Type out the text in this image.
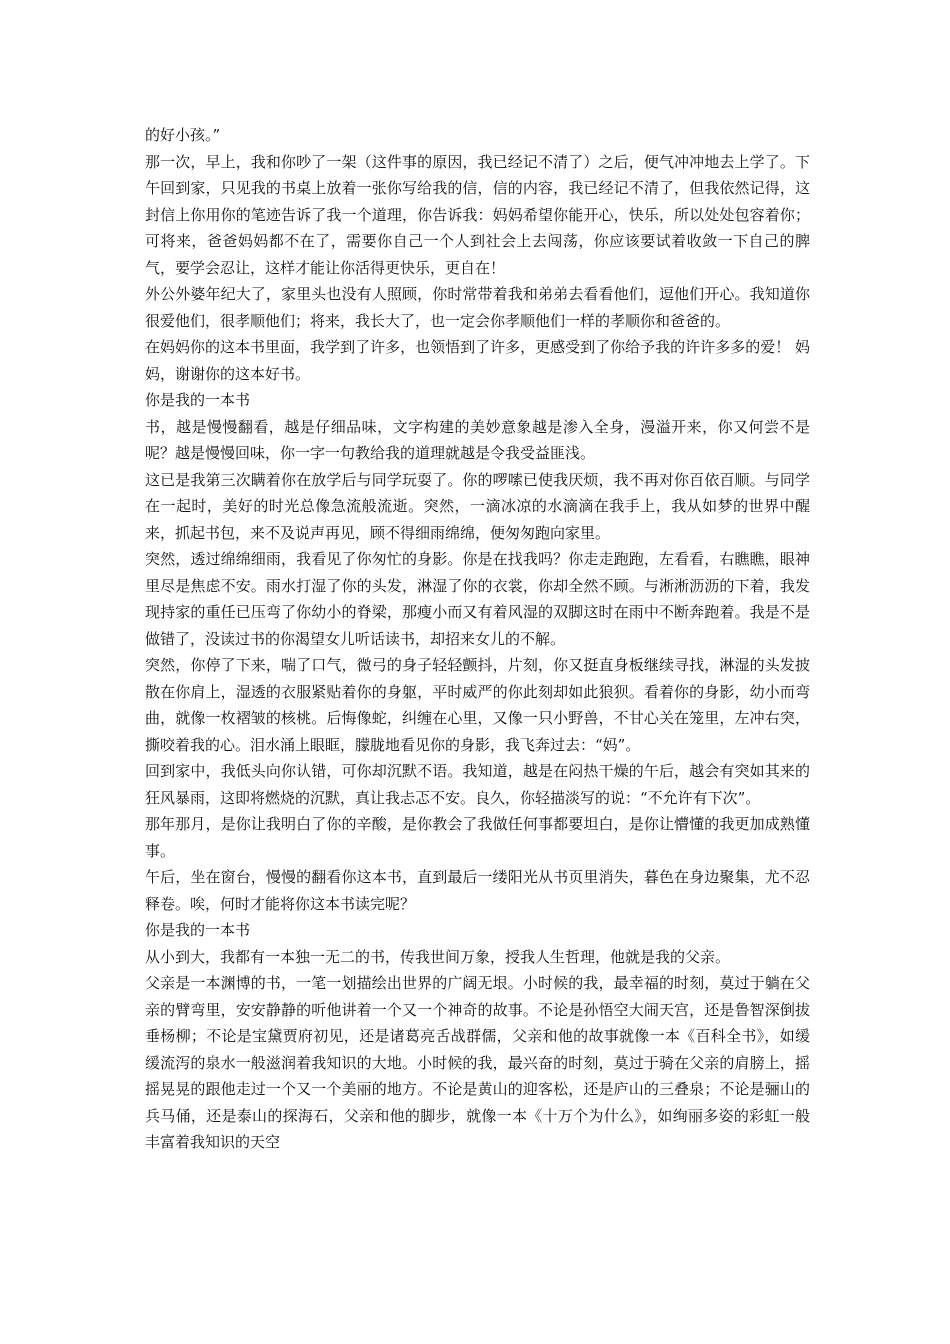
的好小孩。”

那一次，早上，我和你吵了一架（这件事的原因，我已经记不清了）之后，便气冲冲地去上学了。下午回到家，只见我的书桌上放着一张你写给我的信，信的内容，我已经记不清了，但我依然记得，这封信上你用你的笔迹告诉了我一个道理，你告诉我：妈妈希望你能开心，快乐，所以处处包容着你；可将来，爸爸妈妈都不在了，需要你自己一个人到社会上去闯荡，你应该要试着收敛一下自己的脾气，要学会忍让，这样才能让你活得更快乐，更自在！

外公外婆年纪大了，家里头也没有人照顾，你时常带着我和弟弟去看看他们，逗他们开心。我知道你很爱他们，很孝顺他们；将来，我长大了，也一定会你孝顺他们一样的孝顺你和爸爸的。

在妈妈你的这本书里面，我学到了许多，也领悟到了许多，更感受到了你给予我的许许多多的爱！ 妈妈，谢谢你的这本好书。

你是我的一本书

书，越是慢慢翻看，越是仔细品味，文字构建的美妙意象越是渗入全身，漫溢开来，你又何尝不是呢？越是慢慢回味，你一字一句教给我的道理就越是令我受益匪浅。

这已是我第三次瞒着你在放学后与同学玩耍了。你的啰嗦已使我厌烦，我不再对你百依百顺。与同学在一起时，美好的时光总像急流般流逝。突然，一滴冰凉的水滴滴在我手上，我从如梦的世界中醒来，抓起书包，来不及说声再见，顾不得细雨绵绵，便匆匆跑向家里。

突然，透过绵绵细雨，我看见了你匆忙的身影。你是在找我吗？你走走跑跑，左看看，右瞧瞧，眼神里尽是焦虑不安。雨水打湿了你的头发，淋湿了你的衣裳，你却全然不顾。与淅淅沥沥的下着，我发现持家的重任已压弯了你幼小的脊梁，那瘦小而又有着风湿的双脚这时在雨中不断奔跑着。我是不是做错了，没读过书的你渴望女儿听话读书，却招来女儿的不解。

突然，你停了下来，喘了口气，微弓的身子轻轻颤抖，片刻，你又挺直身板继续寻找，淋湿的头发披散在你肩上，湿透的衣服紧贴着你的身躯，平时威严的你此刻却如此狼狈。看着你的身影，幼小而弯曲，就像一枚褶皱的核桃。后悔像蛇，纠缠在心里，又像一只小野兽，不甘心关在笼里，左冲右突，撕咬着我的心。泪水涌上眼眶，朦胧地看见你的身影，我飞奔过去：“妈”。

回到家中，我低头向你认错，可你却沉默不语。我知道，越是在闷热干燥的午后，越会有突如其来的狂风暴雨，这即将燃烧的沉默，真让我忐忑不安。良久，你轻描淡写的说：“不允许有下次”。

那年那月，是你让我明白了你的辛酸，是你教会了我做任何事都要坦白，是你让懵懂的我更加成熟懂事。

午后，坐在窗台，慢慢的翻看你这本书，直到最后一缕阳光从书页里消失，暮色在身边聚集，尤不忍释卷。唉，何时才能将你这本书读完呢？

你是我的一本书

从小到大，我都有一本独一无二的书，传我世间万象，授我人生哲理，他就是我的父亲。

父亲是一本渊博的书，一笔一划描绘出世界的广阔无垠。小时候的我，最幸福的时刻，莫过于躺在父亲的臂弯里，安安静静的听他讲着一个又一个神奇的故事。不论是孙悟空大闹天宫，还是鲁智深倒拔垂杨柳；不论是宝黛贾府初见，还是诸葛亮舌战群儒，父亲和他的故事就像一本《百科全书》，如缓缓流泻的泉水一般滋润着我知识的大地。小时候的我，最兴奋的时刻，莫过于骑在父亲的肩膀上，摇摇晃晃的跟他走过一个又一个美丽的地方。不论是黄山的迎客松，还是庐山的三叠泉；不论是骊山的兵马俑，还是泰山的探海石，父亲和他的脚步，就像一本《十万个为什么》，如绚丽多姿的彩虹一般丰富着我知识的天空
